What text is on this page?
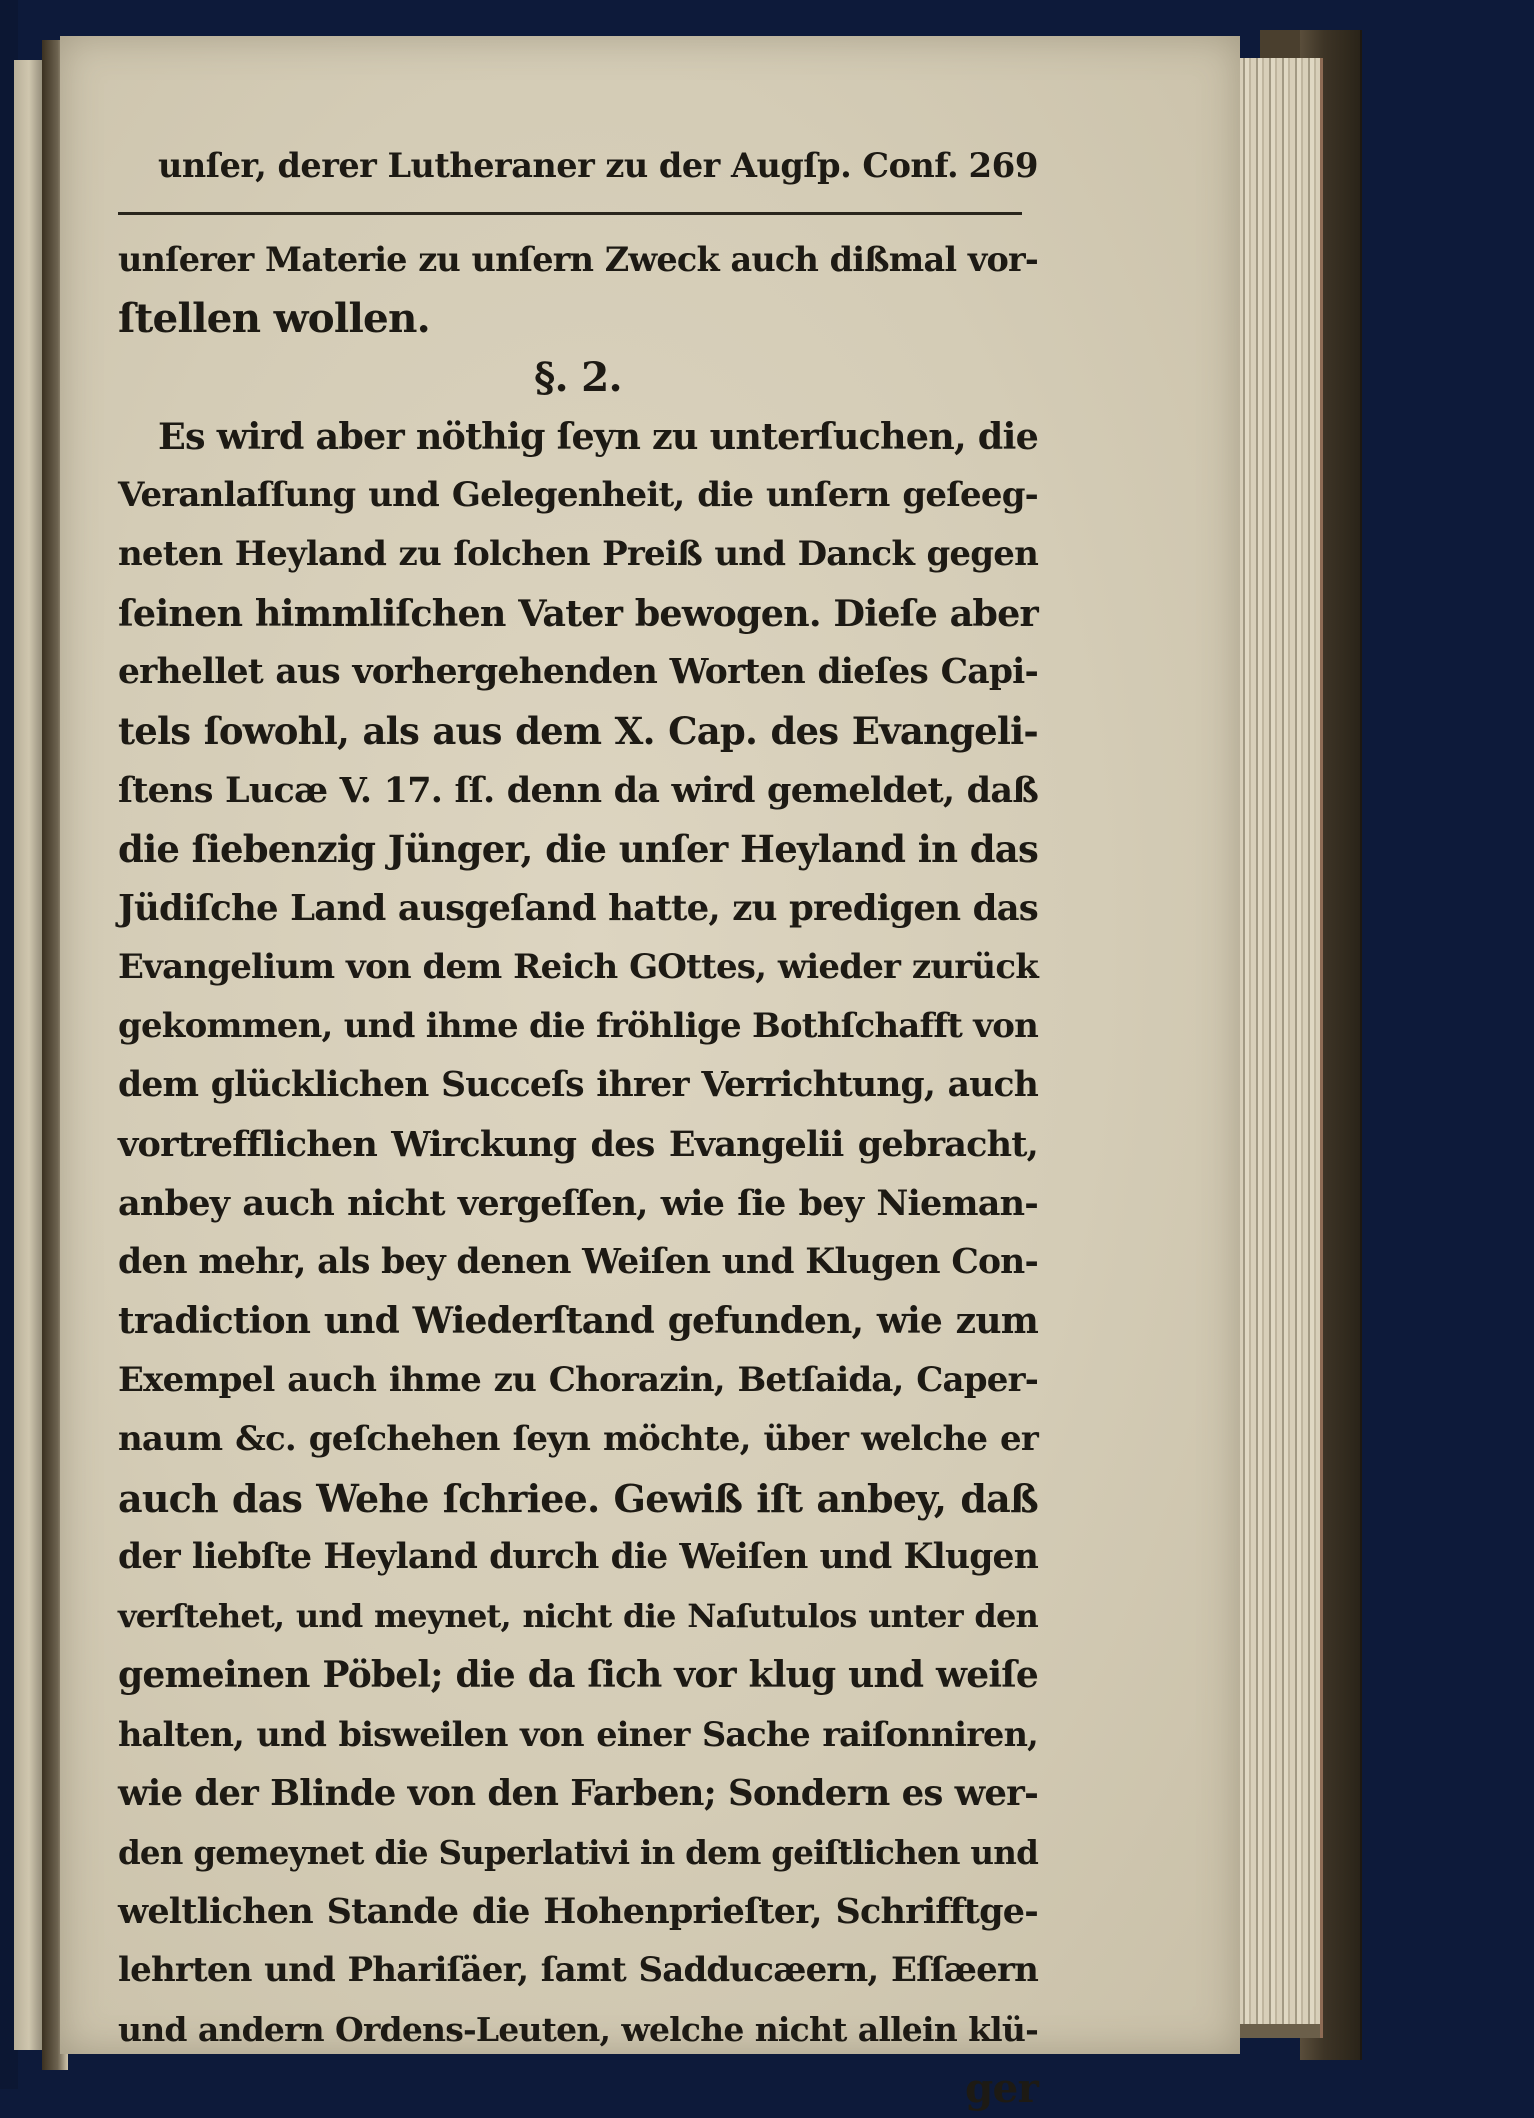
unſer, derer Lutheraner zu der Augſp. Conf. 269
unſerer Materie zu unſern Zweck auch dißmal vor-
ſtellen wollen.
§. 2.
Es wird aber nöthig ſeyn zu unterſuchen, die
Veranlaſſung und Gelegenheit, die unſern geſeeg-
neten Heyland zu ſolchen Preiß und Danck gegen
ſeinen himmliſchen Vater bewogen. Dieſe aber
erhellet aus vorhergehenden Worten dieſes Capi-
tels ſowohl, als aus dem X. Cap. des Evangeli-
ſtens Lucæ V. 17. ſſ. denn da wird gemeldet, daß
die ſiebenzig Jünger, die unſer Heyland in das
Jüdiſche Land ausgeſand hatte, zu predigen das
Evangelium von dem Reich GOttes, wieder zurück
gekommen, und ihme die fröhlige Bothſchafft von
dem glücklichen Succeſs ihrer Verrichtung, auch
vortrefflichen Wirckung des Evangelii gebracht,
anbey auch nicht vergeſſen, wie ſie bey Nieman-
den mehr, als bey denen Weiſen und Klugen Con-
tradiction und Wiederſtand gefunden, wie zum
Exempel auch ihme zu Chorazin, Betſaida, Caper-
naum &c. geſchehen ſeyn möchte, über welche er
auch das Wehe ſchriee. Gewiß iſt anbey, daß
der liebſte Heyland durch die Weiſen und Klugen
verſtehet, und meynet, nicht die Naſutulos unter den
gemeinen Pöbel; die da ſich vor klug und weiſe
halten, und bisweilen von einer Sache raiſonniren,
wie der Blinde von den Farben; Sondern es wer-
den gemeynet die Superlativi in dem geiſtlichen und
weltlichen Stande die Hohenprieſter, Schrifftge-
lehrten und Phariſäer, ſamt Sadducæern, Eſſæern
und andern Ordens-Leuten, welche nicht allein klü-
ger
